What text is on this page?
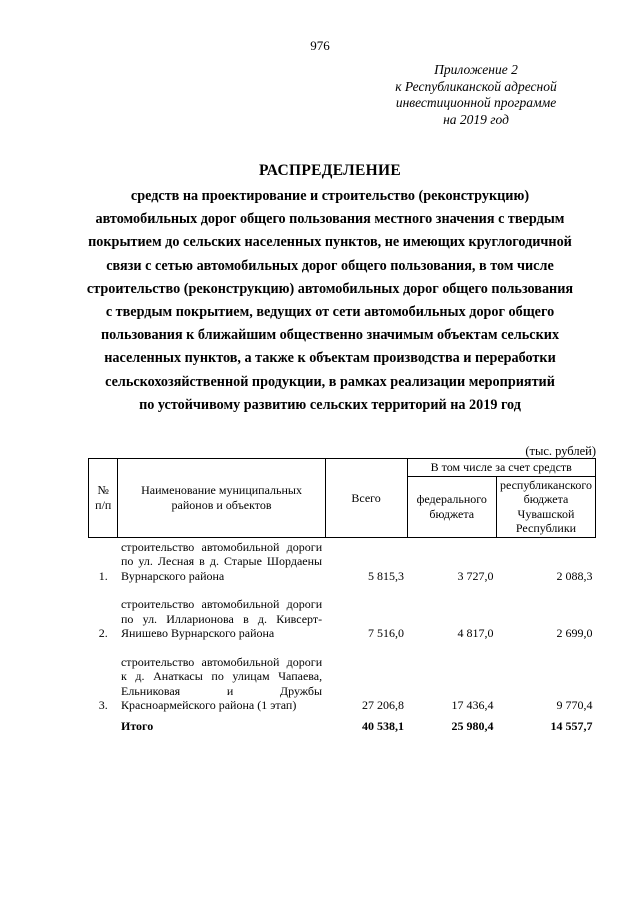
976
Приложение 2
к Республиканской адресной
инвестиционной программе
на 2019 год
РАСПРЕДЕЛЕНИЕ
средств на проектирование и строительство (реконструкцию)
автомобильных дорог общего пользования местного значения с твердым
покрытием до сельских населенных пунктов, не имеющих круглогодичной
связи с сетью автомобильных дорог общего пользования, в том числе
строительство (реконструкцию) автомобильных дорог общего пользования
с твердым покрытием, ведущих от сети автомобильных дорог общего
пользования к ближайшим общественно значимым объектам сельских
населенных пунктов, а также к объектам производства и переработки
сельскохозяйственной продукции, в рамках реализации мероприятий
по устойчивому развитию сельских территорий на 2019 год
(тыс. рублей)
№ п/п	Наименование муниципальных районов и объектов	Всего	В том числе за счет средств	
			федерального бюджета	республиканского бюджета Чувашской Республики
1.	строительство автомобильной дороги по ул. Лесная в д. Старые Шордаены Вурнарского района	5 815,3	3 727,0	2 088,3

2.	строительство автомобильной дороги по ул. Илларионова в д. Кивсерт-Янишево Вурнарского района	7 516,0	4 817,0	2 699,0

3.	строительство автомобильной дороги к д. Анаткасы по улицам Чапаева, Ельниковая и Дружбы Красноармейского района (1 этап)	27 206,8	17 436,4	9 770,4
	Итого	40 538,1	25 980,4	14 557,7
